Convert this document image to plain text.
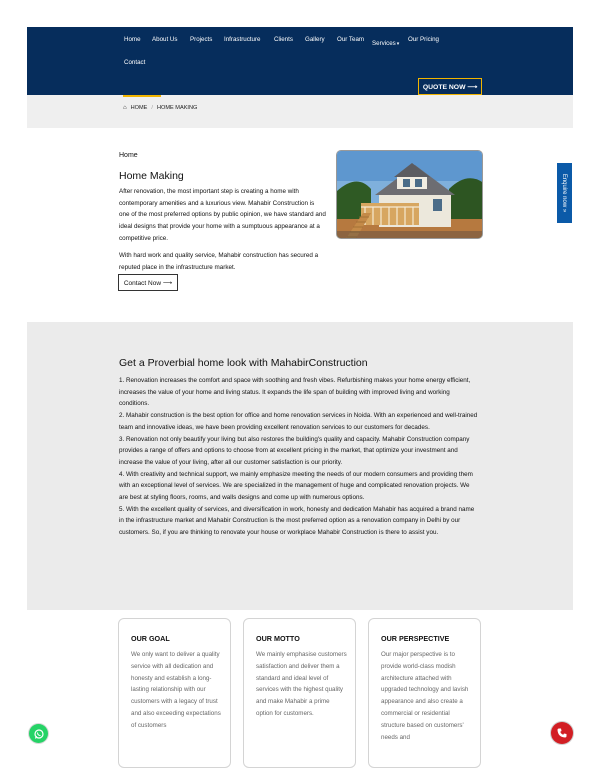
Home About Us Projects Infrastructure Clients Gallery Our Team
Services▾
Our Pricing
Contact
QUOTE NOW ⟶
⌂ HOME / HOME MAKING
Home
Home Making

After renovation, the most important step is creating a home with contemporary amenities and a luxurious view. Mahabir Construction is one of the most preferred options by public opinion, we have standard and ideal designs that provide your home with a sumptuous appearance at a competitive price.

With hard work and quality service, Mahabir construction has secured a reputed place in the infrastructure market.

Contact Now ⟶
Enquire now »
Get a Proverbial home look with MahabirConstruction

1. Renovation increases the comfort and space with soothing and fresh vibes. Refurbishing makes your home energy efficient, increases the value of your home and living status. It expands the life span of building with improved living and working conditions.

2. Mahabir construction is the best option for office and home renovation services in Noida. With an experienced and well-trained team and innovative ideas, we have been providing excellent renovation services to our customers for decades.

3. Renovation not only beautify your living but also restores the building's quality and capacity. Mahabir Construction company provides a range of offers and options to choose from at excellent pricing in the market, that optimize your investment and increase the value of your living, after all our customer satisfaction is our priority.

4. With creativity and technical support, we mainly emphasize meeting the needs of our modern consumers and providing them with an exceptional level of services. We are specialized in the management of huge and complicated renovation projects. We are best at styling floors, rooms, and walls designs and come up with numerous options.

5. With the excellent quality of services, and diversification in work, honesty and dedication Mahabir has acquired a brand name in the infrastructure market and Mahabir Construction is the most preferred option as a renovation company in Delhi by our customers. So, if you are thinking to renovate your house or workplace Mahabir Construction is there to assist you.

OUR GOAL

We only want to deliver a quality service with all dedication and honesty and establish a long-lasting relationship with our customers with a legacy of trust and also exceeding expectations of customers

OUR MOTTO

We mainly emphasise customers satisfaction and deliver them a standard and ideal level of services with the highest quality and make Mahabir a prime option for customers.

OUR PERSPECTIVE

Our major perspective is to provide world-class modish architecture attached with upgraded technology and lavish appearance and also create a commercial or residential structure based on customers' needs and
